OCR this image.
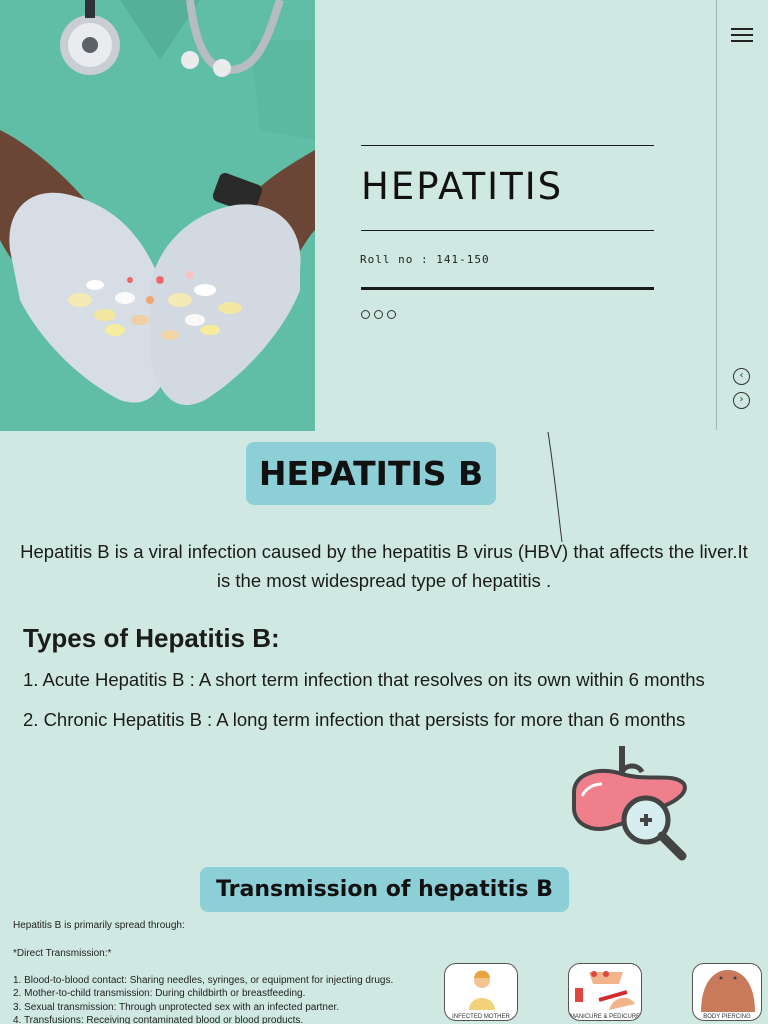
‹
›
HEPATITIS
Roll no : 141-150
HEPATITIS B
Hepatitis B is a viral infection caused by the hepatitis B virus (HBV) that affects the liver.It is the most widespread type of hepatitis .
Types of Hepatitis B:
1. Acute Hepatitis B : A short term infection that resolves on its own within 6 months
2. Chronic Hepatitis B : A long term infection that persists for more than 6 months
Transmission of hepatitis B
Hepatitis B is primarily spread through:
*Direct Transmission:*
1. Blood-to-blood contact: Sharing needles, syringes, or equipment for injecting drugs.
2. Mother-to-child transmission: During childbirth or breastfeeding.
3. Sexual transmission: Through unprotected sex with an infected partner.
4. Transfusions: Receiving contaminated blood or blood products.	INFECTED MOTHER	MANICURE & PEDICURE	BODY PIERCING
